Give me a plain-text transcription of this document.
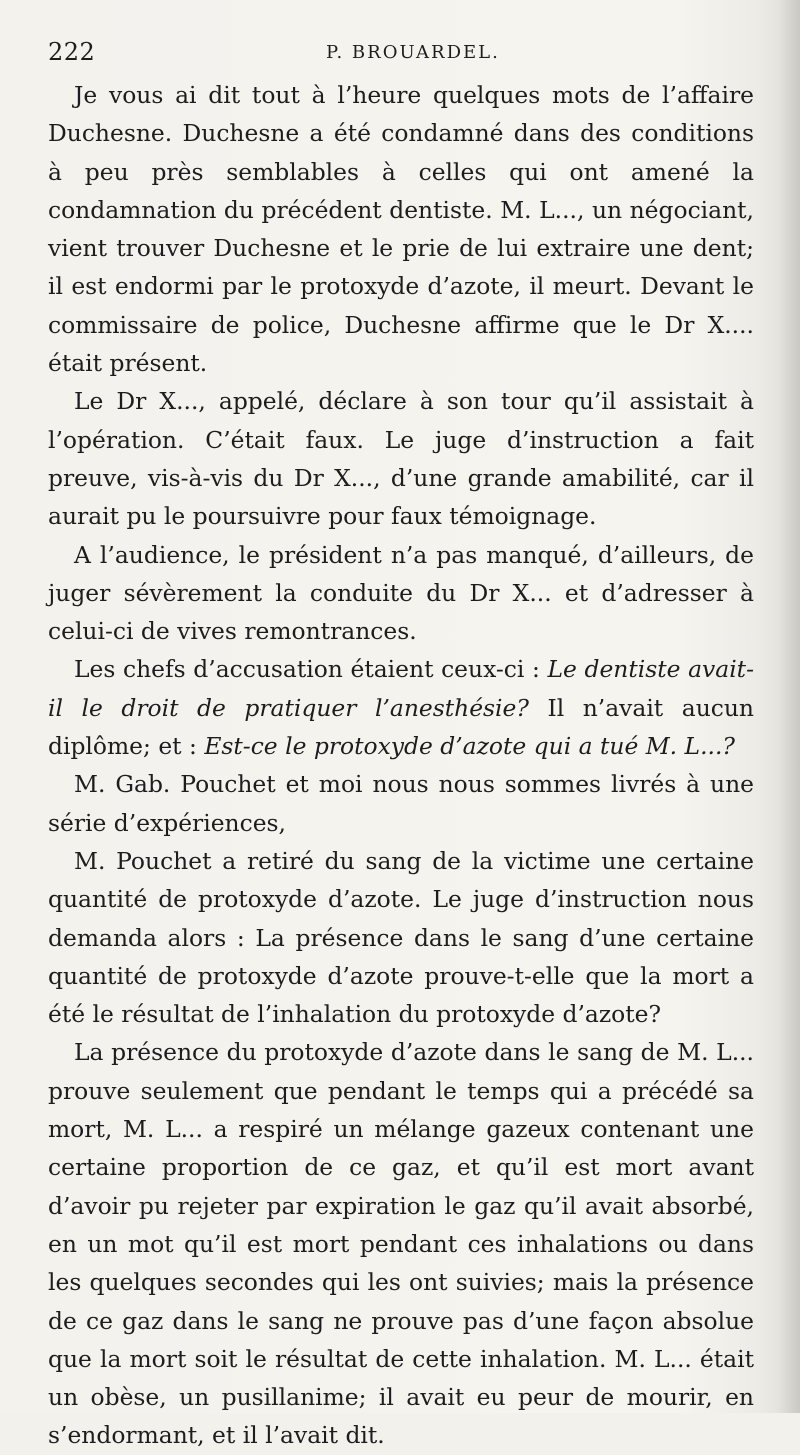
222	P. BROUARDEL.

Je vous ai dit tout à l’heure quelques mots de l’affaire Duchesne. Duchesne a été condamné dans des conditions à peu près semblables à celles qui ont amené la condamnation du précédent dentiste. M. L..., un négociant, vient trouver Duchesne et le prie de lui extraire une dent; il est endormi par le protoxyde d’azote, il meurt. Devant le commissaire de police, Duchesne affirme que le Dr X.... était présent.

Le Dr X..., appelé, déclare à son tour qu’il assistait à l’opération. C’était faux. Le juge d’instruction a fait preuve, vis-à-vis du Dr X..., d’une grande amabilité, car il aurait pu le poursuivre pour faux témoignage.

A l’audience, le président n’a pas manqué, d’ailleurs, de juger sévèrement la conduite du Dr X... et d’adresser à celui-ci de vives remontrances.

Les chefs d’accusation étaient ceux-ci : Le dentiste avait-il le droit de pratiquer l’anesthésie? Il n’avait aucun diplôme; et : Est-ce le protoxyde d’azote qui a tué M. L...?

M. Gab. Pouchet et moi nous nous sommes livrés à une série d’expériences,

M. Pouchet a retiré du sang de la victime une certaine quantité de protoxyde d’azote. Le juge d’instruction nous demanda alors : La présence dans le sang d’une certaine quantité de protoxyde d’azote prouve-t-elle que la mort a été le résultat de l’inhalation du protoxyde d’azote?

La présence du protoxyde d’azote dans le sang de M. L... prouve seulement que pendant le temps qui a précédé sa mort, M. L... a respiré un mélange gazeux contenant une certaine proportion de ce gaz, et qu’il est mort avant d’avoir pu rejeter par expiration le gaz qu’il avait absorbé, en un mot qu’il est mort pendant ces inhalations ou dans les quelques secondes qui les ont suivies; mais la présence de ce gaz dans le sang ne prouve pas d’une façon absolue que la mort soit le résultat de cette inhalation. M. L... était un obèse, un pusillanime; il avait eu peur de mourir, en s’endormant, et il l’avait dit.
